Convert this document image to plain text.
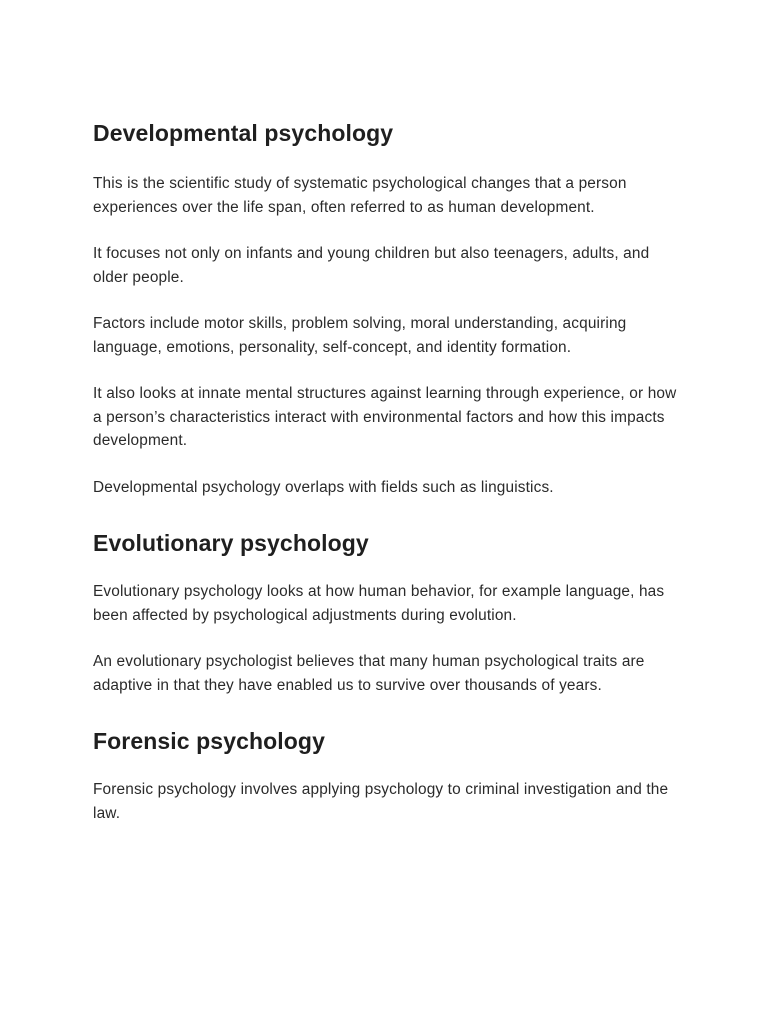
Developmental psychology

This is the scientific study of systematic psychological changes that a person experiences over the life span, often referred to as human development.

It focuses not only on infants and young children but also teenagers, adults, and older people.

Factors include motor skills, problem solving, moral understanding, acquiring language, emotions, personality, self-concept, and identity formation.

It also looks at innate mental structures against learning through experience, or how a person’s characteristics interact with environmental factors and how this impacts development.

Developmental psychology overlaps with fields such as linguistics.

Evolutionary psychology

Evolutionary psychology looks at how human behavior, for example language, has been affected by psychological adjustments during evolution.

An evolutionary psychologist believes that many human psychological traits are adaptive in that they have enabled us to survive over thousands of years.

Forensic psychology

Forensic psychology involves applying psychology to criminal investigation and the law.
